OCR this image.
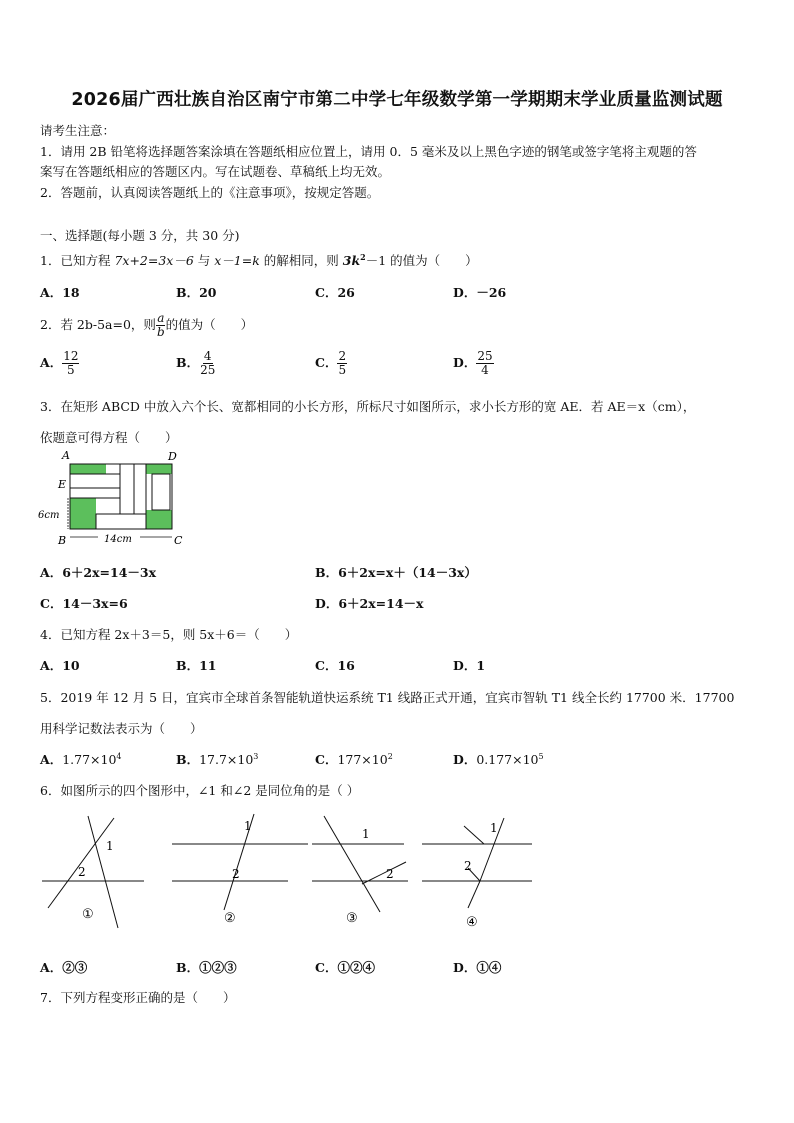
2026届广西壮族自治区南宁市第二中学七年级数学第一学期期末学业质量监测试题
请考生注意：
1．请用 2B 铅笔将选择题答案涂填在答题纸相应位置上，请用 0．5 毫米及以上黑色字迹的钢笔或签字笔将主观题的答
案写在答题纸相应的答题区内。写在试题卷、草稿纸上均无效。
2．答题前，认真阅读答题纸上的《注意事项》，按规定答题。
一、选择题(每小题 3 分，共 30 分)
1．已知方程 7x+2=3x－6 与 x－1=k 的解相同，则 $3k^2-1$ 的值为（　　）
A．18	B．20	C．26	D．－26
2．若 2b-5a=0，则 $\frac{a}{b}$ 的值为（　　）
A． $\frac{12}{5}$	B． $\frac{4}{25}$	C． $\frac{2}{5}$	D． $\frac{25}{4}$
3．在矩形 ABCD 中放入六个长、宽都相同的小长方形，所标尺寸如图所示，求小长方形的宽 AE．若 AE＝x（cm），
依题意可得方程（　　）
A	D
E
B	C
6cm
14cm
A．6＋2x=14－3x	B．6＋2x=x＋（14－3x）
C．14－3x=6	D．6＋2x=14－x
4．已知方程 2x＋3＝5，则 5x＋6＝（　　）
A．10	B．11	C．16	D．1
5．2019 年 12 月 5 日，宜宾市全球首条智能轨道快运系统 T1 线路正式开通，宜宾市智轨 T1 线全长约 17700 米．17700
用科学记数法表示为（　　）
A．$1.77\times 10^4$	B．$17.7\times 10^3$	C．$177\times 10^2$	D．$0.177\times 10^5$
6．如图所示的四个图形中，∠1 和∠2 是同位角的是（ ）
1
2
1
2
1
2
1
2
①	②	③	④
A．②③	B．①②③	C．①②④	D．①④
7．下列方程变形正确的是（　　）
